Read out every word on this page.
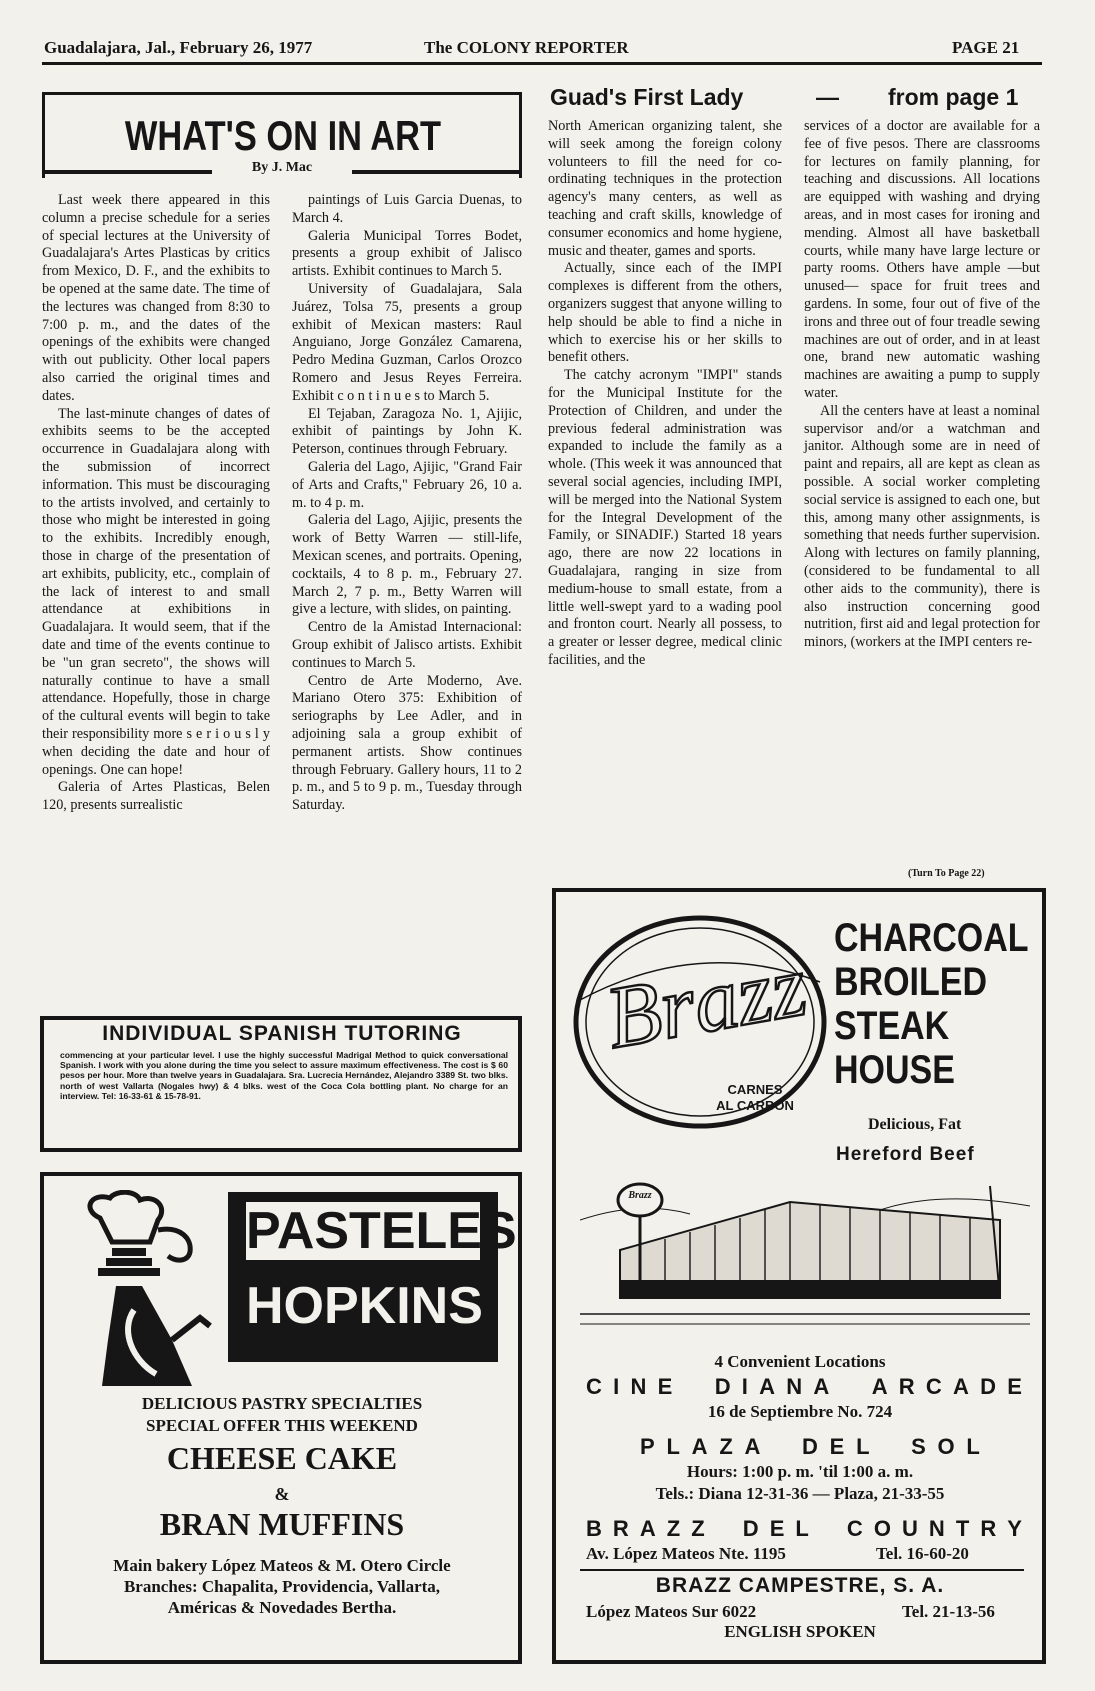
Guadalajara, Jal., February 26, 1977	The COLONY REPORTER	PAGE 21
WHAT'S ON IN ART
By J. Mac

Last week there appeared in this column a precise schedule for a series of special lectures at the University of Guadalajara's Artes Plasticas by critics from Mexico, D. F., and the exhibits to be opened at the same date. The time of the lectures was changed from 8:30 to 7:00 p. m., and the dates of the openings of the exhibits were changed with out publicity. Other local papers also carried the original times and dates.

The last-minute changes of dates of exhibits seems to be the accepted occurrence in Guadalajara along with the submission of incorrect information. This must be discouraging to the artists involved, and certainly to those who might be interested in going to the exhibits. Incredibly enough, those in charge of the presentation of art exhibits, publicity, etc., complain of the lack of interest to and small attendance at exhibitions in Guadalajara. It would seem, that if the date and time of the events continue to be "un gran secreto", the shows will naturally continue to have a small attendance. Hopefully, those in charge of the cultural events will begin to take their responsibility more s e r i o u s l y when deciding the date and hour of openings. One can hope!

Galeria of Artes Plasticas, Belen 120, presents surrealistic

paintings of Luis Garcia Duenas, to March 4.

Galeria Municipal Torres Bodet, presents a group exhibit of Jalisco artists. Exhibit continues to March 5.

University of Guadalajara, Sala Juárez, Tolsa 75, presents a group exhibit of Mexican masters: Raul Anguiano, Jorge González Camarena, Pedro Medina Guzman, Carlos Orozco Romero and Jesus Reyes Ferreira. Exhibit c o n t i n u e s to March 5.

El Tejaban, Zaragoza No. 1, Ajijic, exhibit of paintings by John K. Peterson, continues through February.

Galeria del Lago, Ajijic, "Grand Fair of Arts and Crafts," February 26, 10 a. m. to 4 p. m.

Galeria del Lago, Ajijic, presents the work of Betty Warren — still-life, Mexican scenes, and portraits. Opening, cocktails, 4 to 8 p. m., February 27. March 2, 7 p. m., Betty Warren will give a lecture, with slides, on painting.

Centro de la Amistad Internacional: Group exhibit of Jalisco artists. Exhibit continues to March 5.

Centro de Arte Moderno, Ave. Mariano Otero 375: Exhibition of seriographs by Lee Adler, and in adjoining sala a group exhibit of permanent artists. Show continues through February. Gallery hours, 11 to 2 p. m., and 5 to 9 p. m., Tuesday through Saturday.

Guad's First Lady	— from page 1

North American organizing talent, she will seek among the foreign colony volunteers to fill the need for co-ordinating techniques in the protection agency's many centers, as well as teaching and craft skills, knowledge of consumer economics and home hygiene, music and theater, games and sports.

Actually, since each of the IMPI complexes is different from the others, organizers suggest that anyone willing to help should be able to find a niche in which to exercise his or her skills to benefit others.

The catchy acronym "IMPI" stands for the Municipal Institute for the Protection of Children, and under the previous federal administration was expanded to include the family as a whole. (This week it was announced that several social agencies, including IMPI, will be merged into the National System for the Integral Development of the Family, or SINADIF.) Started 18 years ago, there are now 22 locations in Guadalajara, ranging in size from medium-house to small estate, from a little well-swept yard to a wading pool and fronton court. Nearly all possess, to a greater or lesser degree, medical clinic facilities, and the

services of a doctor are available for a fee of five pesos. There are classrooms for lectures on family planning, for teaching and discussions. All locations are equipped with washing and drying areas, and in most cases for ironing and mending. Almost all have basketball courts, while many have large lecture or party rooms. Others have ample —but unused— space for fruit trees and gardens. In some, four out of five of the irons and three out of four treadle sewing machines are out of order, and in at least one, brand new automatic washing machines are awaiting a pump to supply water.

All the centers have at least a nominal supervisor and/or a watchman and janitor. Although some are in need of paint and repairs, all are kept as clean as possible. A social worker completing social service is assigned to each one, but this, among many other assignments, is something that needs further supervision. Along with lectures on family planning, (considered to be fundamental to all other aids to the community), there is also instruction concerning good nutrition, first aid and legal protection for minors, (workers at the IMPI centers re-

(Turn To Page 22)
INDIVIDUAL SPANISH TUTORING
commencing at your particular level. I use the highly successful Madrigal Method to quick conversational Spanish. I work with you alone during the time you select to assure maximum effectiveness. The cost is $ 60 pesos per hour. More than twelve years in Guadalajara. Sra. Lucrecia Hernández, Alejandro 3389 St. two blks. north of west Vallarta (Nogales hwy) & 4 blks. west of the Coca Cola bottling plant. No charge for an interview. Tel: 16-33-61 & 15-78-91.
PASTELES
HOPKINS
DELICIOUS PASTRY SPECIALTIES
SPECIAL OFFER THIS WEEKEND
CHEESE CAKE
&
BRAN MUFFINS
Main bakery López Mateos & M. Otero Circle
Branches: Chapalita, Providencia, Vallarta,
Américas & Novedades Bertha.
Brazz
CARNES
AL CARBON
CHARCOAL
BROILED
STEAK
HOUSE
Delicious, Fat
Hereford Beef
Brazz
4 Convenient Locations
C I N E D I A N A A R C A D E
16 de Septiembre No. 724
P L A Z A D E L S O L
Hours: 1:00 p. m. 'til 1:00 a. m.
Tels.: Diana 12-31-36 — Plaza, 21-33-55
B R A Z Z D E L C O U N T R Y
Av. López Mateos Nte. 1195	Tel. 16-60-20
BRAZZ CAMPESTRE, S. A.
López Mateos Sur 6022	Tel. 21-13-56
ENGLISH SPOKEN
